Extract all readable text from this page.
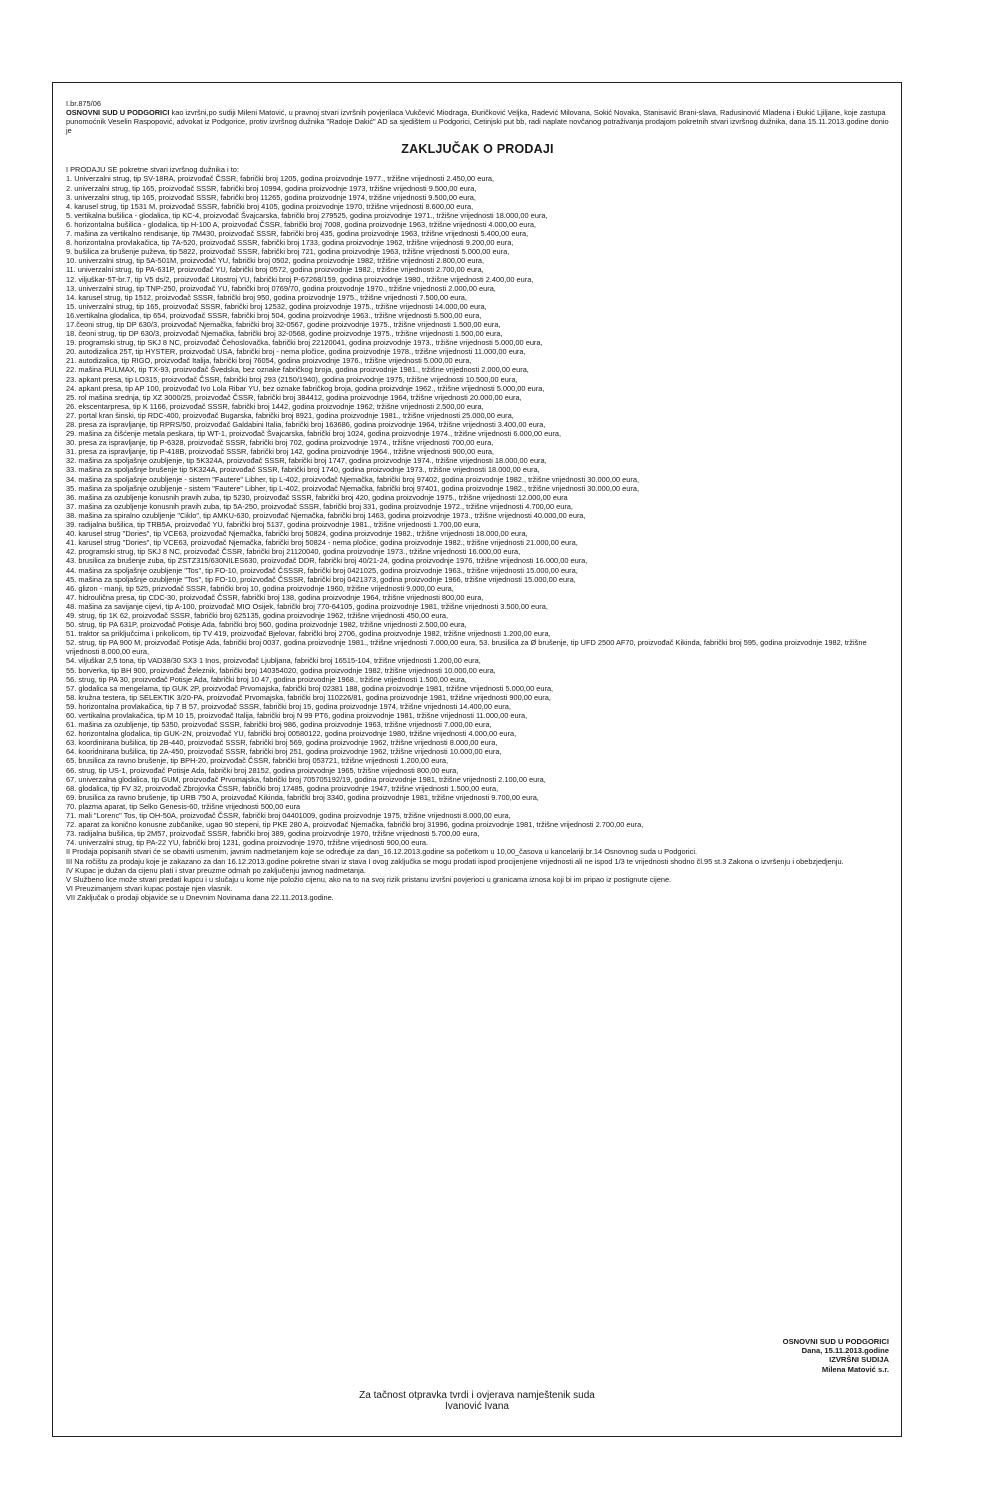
I.br.875/06

OSNOVNI SUD U PODGORICI kao izvršni,po sudiji Mileni Matović, u pravnoj stvari izvršnih povjerilaca Vukčević Miodraga, Đuričković Veljka, Radević Milovana, Sokić Novaka, Stanisavić Brani-slava, Radusinović Mladena i Đukić Ljiljane, koje zastupa punomoćnik Veselin Raspopović, advokat iz Podgorice, protiv izvršnog dužnika "Radoje Dakić" AD sa sjedištem u Podgorici, Cetinjski put bb, radi naplate novčanog potraživanja prodajom pokretnih stvari izvršnog dužnika, dana 15.11.2013.godine donio je

ZAKLJUČAK O PRODAJI

I PRODAJU SE pokretne stvari izvršnog dužnika i to:

1. Univerzalni strug, tip SV-18RA, proizvođač ČSSR, fabrički broj 1205, godina proizvodnje 1977., tržišne vrijednosti 2.450,00 eura,
2. univerzalni strug, tip 165, proizvođač SSSR, fabrički broj 10994, godina proizvodnje 1973, tržišne vrijednosti 9.500,00 eura,
3. univerzalni strug, tip 165, proizvođač SSSR, fabrički broj 11265, godina proizvodnje 1974, tržišne vrijednosti 9.500,00 eura,
4. karusel strug, tip 1531 M, proizvođač SSSR, fabrički broj 4105, godina proizvodnje 1970, tržišne vrijednosti 8.600,00 eura,
5. vertikalna bušilica - glodalica, tip KC-4, proizvođač Švajcarska, fabrički broj 279525, godina proizvodnje 1971., tržišne vrijednosti 18.000,00 eura,
6. horizontalna bušilica - glodalica, tip H-100 A, proizvođač ČSSR, fabrički broj 7008, godina proizvodnje 1963, tržišne vrijednosti 4.000,00 eura,
7. mašina za vertikalno rendisanje, tip 7M430, proizvođač SSSR, fabrički broj 435, godina proizvodnje 1963, tržišne vrijednosti 5.400,00 eura,
8. horizontalna provlakačica, tip 7A-520, proizvođač SSSR, fabrički broj 1733, godina proizvodnje 1962, tržišne vrijednosti 9.200,00 eura,
9. bušilica za brušenje puževa, tip 5822, proizvođač SSSR, fabrički broj 721, godina proizvodnje 1963, tržišne vrijednosti 5.000,00 eura,
10. univerzalni strug, tip 5A-501M, proizvođač YU, fabrički broj 0502, godina proizvodnje 1982, tržišne vrijednosti 2.800,00 eura,
11. univerzalni strug, tip PA-631P, proizvođač YU, fabrički broj 0572, godina proizvodnje 1982., tržišne vrijednosti 2.700,00 eura,
12. viljuškar-5T-br.7, tip V5 ds/2, proizvođač Litostroj YU, fabrički broj P-67268/159, godina proizvodnje 1980., tržišne vrijednosti 2.400,00 eura,
13. univerzalni strug, tip TNP-250, proizvođač YU, fabrički broj 0769/70, godina proizvodnje 1970., tržišne vrijednosti 2.000,00 eura,
14. karusel strug, tip 1512, proizvođač SSSR, fabrički broj 950, godina proizvodnje 1975., tržišne vrijednosti 7.500,00 eura,
15. univerzalni strug, tip 165, proizvođač SSSR, fabrički broj 12532, godina proizvodnje 1975., tržišne vrijednosti 14.000,00 eura,
16.vertikalna glodalica, tip 654, proizvođač SSSR, fabrički broj 504, godina proizvodnje 1963., tržišne vrijednosti 5.500,00 eura,
17.čeoni strug, tip DP 630/3, proizvođač Njemačka, fabrički broj 32-0567, godine proizvodnje 1975., tržišne vrijednosti 1.500,00 eura,
18. čeoni strug, tip DP 630/3, proizvođač Njemačka, fabrički broj 32-0568, godine proizvodnje 1975., tržišne vrijednosti 1.500,00 eura,
19. programski strug, tip SKJ 8 NC, proizvođač Čehoslovačka, fabrički broj 22120041, godina proizvodnje 1973., tržišne vrijednosti 5.000,00 eura,
20. autodizalica 25T, tip HYSTER, proizvođač USA, fabrički broj - nema pločice, godina proizvodnje 1978., tržišne vrijednosti 11.000,00 eura,
21. autodizalica, tip RIGO, proizvođač Italija, fabrički broj 76054, godina proizvodnje 1976., tržišne vrijednosti 5.000,00 eura,
22. mašina PULMAX, tip TX-93, proizvođač Švedska, bez oznake fabričkog broja, godina proizvodnje 1981., tržišne vrijednosti 2.000,00 eura,
23. apkant presa, tip LO315, proizvođač ČSSR, fabrički broj 293 (2150/1940), godina proizvodnje 1975, tržišne vrijednosti 10.500,00 eura,
24. apkant presa, tip AP 100, proizvođač Ivo Lola Ribar YU, bez oznake fabričkog broja, godina proizvdnje 1962., tržišne vrijednosti 5.000,00 eura,
25. rol mašina srednja, tip XZ 3000/25, proizvođač ČSSR, fabrički broj 384412, godina proizvodnje 1964, tržišne vrijednosti 20.000,00 eura,
26. ekscentarpresa, tip K 1166, proizvođač SSSR, fabrički broj 1442, godina proizvodnje 1962, tržišne vrijednosti 2.500,00 eura,
27. portal kran šinski, tip RDC-400, proizvođač Bugarska, fabrički broj 8921, godina proizvodnje 1981., tržišne vrijednosti 25.000,00 eura,
28. presa za ispravljanje, tip RPRS/50, proizvođač Galdabini Italia, fabrički broj 163686, godina proizvodnje 1964, tržišne vrijednosti 3.400,00 eura,
29. mašina za čišćenje metala peskara, tip WT-1, proizvođač Švajcarska, fabrički broj 1024, godina proizvodnje 1974., tržišne vrijednosti 6.000,00 eura,
30. presa za ispravljanje, tip P-6328, proizvođač SSSR, fabrički broj 702, godina proizvodnje 1974., tržišne vrijednosti 700,00 eura,
31. presa za ispravljanje, tip P-418B, proizvođač SSSR, fabrički broj 142, godina proizvodnje 1964., tržišne vrijednosti 900,00 eura,
32. mašina za spoljašnje ozubljenje, tip 5K324A, proizvođač SSSR, fabrički broj 1747, godina proizvodnje 1974., tržišne vrijednosti 18.000,00 eura,
33. mašina za spoljašnje brušenje tip 5K324A, proizvođač SSSR, fabrički broj 1740, godina proizvodnje 1973., tržišne vrijednosti 18.000,00 eura,
34. mašina za spoljašnje ozubljenje - sistem "Fautere" Libher, tip L-402, proizvođač Njemačka, fabrički broj 97402, godina proizvodnje 1982., tržišne vrijednosti 30.000,00 eura,
35. mašina za spoljašnje ozubljenje - sistem "Fautere" Libher, tip L-402, proizvođač Njemačka, fabrički broj 97401, godina proizvodnje 1982., tržišne vrijednosti 30.000,00 eura,
36. mašina za ozubljenje konusnih pravih zuba, tip 5230, proizvođač SSSR, fabrički broj 420, godina proizvodnje 1975., tržišne vrijednosti 12.000,00 eura
37. mašina za ozubljenje konusnih pravih zuba, tip 5A-250, proizvođač SSSR, fabrički broj 331, godina proizvodnje 1972., tržišne vrijednosti 4.700,00 eura,
38. mašina za spiralno ozubljenje "Ciklo", tip AMKU-630, proizvođač Njemačka, fabrički broj 1463, godina proizvodnje 1973., tržišne vrijednosti 40.000,00 eura,
39. radijalna bušilica, tip TRB5A, proizvođač YU, fabrički broj 5137, godina proizvodnje 1981., tržišne vrijednosti 1.700,00 eura,
40. karusel strug "Dories", tip VCE63, proizvođač Njemačka, fabrički broj 50824, godina proizvodnje 1982., tržišne vrijednosti 18.000,00 eura,
41. karusel strug "Dories", tip VCE63, proizvođač Njemačka, fabrički broj 50824 - nema pločice, godina proizvodnje 1982., tržišne vrijednosti 21.000,00 eura,
42. programski strug, tip SKJ 8 NC, proizvođač ČSSR, fabrički broj 21120040, godina proizvodnje 1973., tržišne vrijednosti 16.000,00 eura,
43. brusilica za brušenje zuba, tip ZSTZ315/630NILES630, proizvođač DDR, fabrički broj 40/21-24, godina proizvodnje 1976, tržišne vrijednosti 16.000,00 eura,
44. mašina za spoljašnje ozubljenje "Tos", tip FO-10, proizvođač ČSSSR, fabrički broj 0421025, godina proizvodnje 1963., tržišne vrijednosti 15.000,00 eura,
45. mašina za spoljašnje ozubljenje "Tos", tip FO-10, proizvođač ČSSSR, fabrički broj 0421373, godina proizvodnje 1966, tržišne vrijednosti 15.000,00 eura,
46. glizon - manji, tip 525, prizvođač SSSR, fabrički broj 10, godina proizvodnje 1960, tržišne vrijednosti 9.000,00 eura,
47. hidroulična presa, tip CDC-30, proizvođač ČSSR, fabrički broj 138, godina proizvodnje 1964, tržišne vrijednosti 800,00 eura,
48. mašina za savijanje cijevi, tip A-100, proizvođač MIO Osijek, fabrički broj 770-64105, godina proizvodnje 1981, tržišne vrijednosti 3.500,00 eura,
49. strug, tip 1K 62, proizvođač SSSR, fabrički broj 625135, godina proizvodnje 1962, tržišne vrijednosti 450,00 eura,
50. strug, tip PA 631P, proizvođač Potisje Ada, fabrički broj 560, godina proizvodnje 1982, tržišne vrijednosti 2.500,00 eura,
51. traktor sa priključcima i prikolicom, tip TV 419, proizvođač Bjelovar, fabrički broj 2706, godina proizvodnje 1982, tržišne vrijednosti 1.200,00 eura,
52. strug, tip PA 900 M, proizvođač Potisje Ada, fabrički broj 0037, godina proizvodnje 1981., tržišne vrijednosti 7.000,00 eura, 53. brusilica za Ø brušenje, tip UFD 2500 AF70, proizvođač Kikinda, fabrički broj 595, godina proizvodnje 1982, tržišne vrijednosti 8.000,00 eura,
54. viljuškar 2,5 tona, tip VAD38/30 SX3 1 Inos, proizvođač Ljubljana, fabrički broj 16515-104, tržišne vrijednosti 1.200,00 eura,
55. borverka, tip BH 900, proizvođač Železnik, fabrički broj 140354020, godina proizvodnje 1982, tržišne vrijednosti 10.000,00 eura,
56. strug, tip PA 30, proizvođač Potisje Ada, fabrički broj 10 47, godina proizvodnje 1968., tržišne vrijednosti 1.500,00 eura,
57. glodalica sa mengelama, tip GUK 2P, proizvođač Prvomajska, fabrički broj 02381 188, godina proizvodnje 1981, tržišne vrijednosti 5.000,00 eura,
58. kružna testera, tip SELEKTIK 3/20-PA, proizvođač Prvomajska, fabrički broj 110226/81, godina proizvodnje 1981, tržišne vrijednosti 900,00 eura,
59. horizontalna provlakačica, tip 7 B 57, proizvođač SSSR, fabrički broj 15, godina proizvodnje 1974, tržišne vrijednosti 14.400,00 eura,
60. vertikalna provlakačica, tip M 10 15, proizvođač Italija, fabrički broj N 99 PT6, godina proizvodnje 1981, tržišne vrijednosti 11.000,00 eura,
61. mašina za ozubljenje, tip 5350, proizvođač SSSR, fabrički broj 986, godina proizvodnje 1963, tržišne vrijednosti 7.000,00 eura,
62. horizontalna glodalica, tip GUK-2N, proizvođač YU, fabrički broj 00580122, godina proizvodnje 1980, tržišne vrijednosti 4.000,00 eura,
63. koordinirana bušilica, tip 2B-440, proizvođač SSSR, fabrički broj 569, godina proizvodnje 1962, tržišne vrijednosti 8.000,00 eura,
64. kooridnirana bušilica, tip 2A-450, proizvođač SSSR, fabrički broj 251, godina proizvodnje 1962, tržišne vrijednosti 10.000,00 eura,
65. brusilica za ravno brušenje, tip BPH-20, proizvođač ČSSR, fabrički broj 053721, tržišne vrijednosti 1.200,00 eura,
66. strug, tip US-1, proizvođač Potisje Ada, fabrički broj 28152, godina proizvodnje 1965, tržišne vrijednosti 800,00 eura,
67. univerzalna glodalica, tip GUM, proizvođač Prvomajska, fabrički broj 705705192/19, godina proizvodnje 1981, tržišne vrijednosti 2.100,00 eura,
68. glodalica, tip FV 32, proizvođač Zbrojovka ČSSR, fabrički broj 17485, godina proizvodnje 1947, tržišne vrijednosti 1.500,00 eura,
69. brusilica za ravno brušenje, tip URB 750 A, proizvođač Kikinda, fabrički broj 3340, godina proizvodnje 1981, tržišne vrijednosti 9.700,00 eura,
70. plazma aparat, tip Selko Genesis-60, tržišne vrijednosti 500,00 eura
71. mali "Lorenc" Tos, tip OH-50A, proizvođač ČSSR, fabrički broj 04401009, godina proizvodnje 1975, tržišne vrijednosti 8.000,00 eura,
72. aparat za konično konusne zubčanike, ugao 90 stepeni, tip PKE 280 A, proizvođač Njemačka, fabrički broj 31996, godina proizvodnje 1981, tržišne vrijednosti 2.700,00 eura,
73. radijalna bušilica, tip 2M57, proizvođač SSSR, fabrički broj 389, godina proizvodnje 1970, tržišne vrijednosti 5.700,00 eura,
74. univerzalni strug, tip PA-22 YU, fabrički broj 1231, godina proizvodnje 1970, tržišne vrijednosti 900,00 eura.

II Prodaja popisanih stvari će se obaviti usmenim, javnim nadmetanjem koje se određuje za dan_16.12.2013.godine sa početkom u 10,00_časova u kancelariji br.14 Osnovnog suda u Podgorici.

III Na ročištu za prodaju koje je zakazano za dan 16.12.2013.godine pokretne stvari iz stava I ovog zaključka se mogu prodati ispod procijenjene vrijednosti ali ne ispod 1/3 te vrijednosti shodno čl.95 st.3 Zakona o izvršenju i obebzjedjenju.

IV Kupac je dužan da cijenu plati i stvar preuzme odmah po zaključenju javnog nadmetanja.

V Službeno lice može stvari predati kupcu i u slučaju u kome nije položio cijenu, ako na to na svoj rizik pristanu izvršni povjerioci u granicama iznosa koji bi im pripao iz postignute cijene.

VI Preuzimanjem stvari kupac postaje njen vlasnik.

VII Zaključak o prodaji objaviće se u Dnevnim Novinama dana 22.11.2013.godine.

OSNOVNI SUD U PODGORICI
Dana, 15.11.2013.godine
IZVRŠNI SUDIJA
Milena Matović s.r.
Za tačnost otpravka tvrdi i ovjerava namještenik suda
Ivanović Ivana
